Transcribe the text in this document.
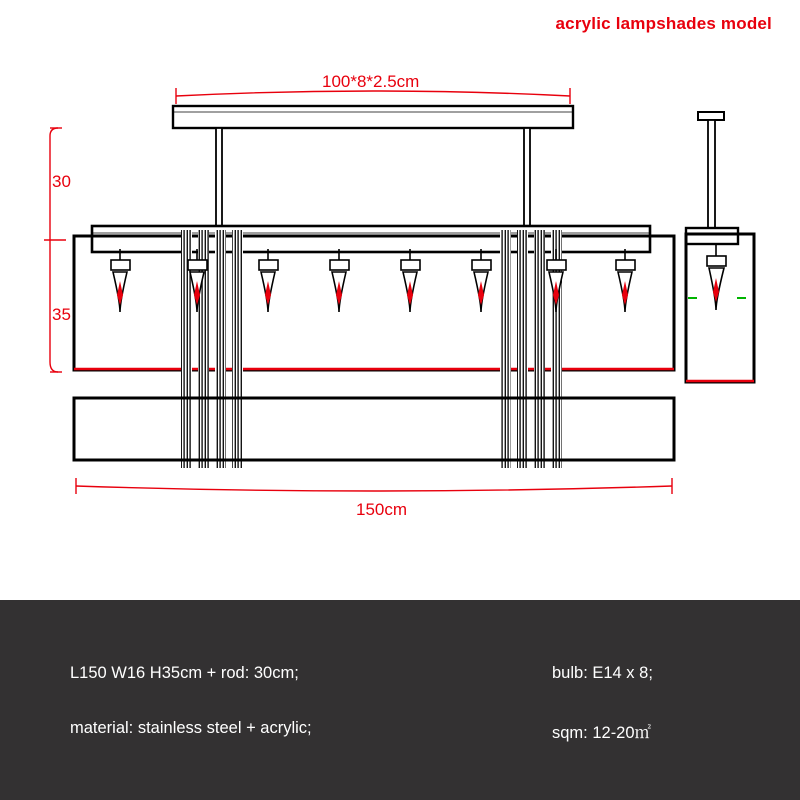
acrylic lampshades model
100*8*2.5cm
150cm
30
35
L150 W16 H35cm + rod: 30cm;
material: stainless steel + acrylic;
bulb: E14 x 8;
sqm: 12-20㎡
